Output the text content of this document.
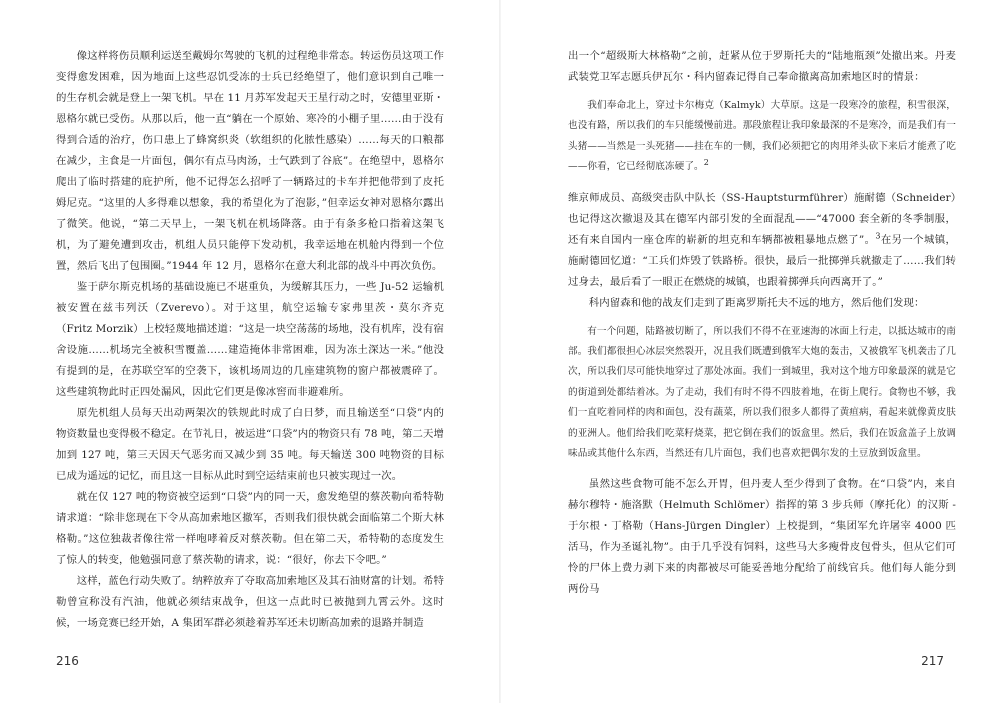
像这样将伤员顺利运送至戴姆尔驾驶的飞机的过程绝非常态。转运伤员这项工作变得愈发困难，因为地面上这些忍饥受冻的士兵已经绝望了，他们意识到自己唯一的生存机会就是登上一架飞机。早在 11 月苏军发起天王星行动之时，安德里亚斯・恩格尔就已受伤。从那以后，他一直“躺在一个原始、寒冷的小棚子里……由于没有得到合适的治疗，伤口患上了蜂窝织炎（软组织的化脓性感染）……每天的口粮都在减少，主食是一片面包，偶尔有点马肉汤，士气跌到了谷底”。在绝望中，恩格尔爬出了临时搭建的庇护所，他不记得怎么招呼了一辆路过的卡车并把他带到了皮托姆尼克。“这里的人多得难以想象，我的希望化为了泡影，”但幸运女神对恩格尔露出了微笑。他说，“第二天早上，一架飞机在机场降落。由于有条多枪口指着这架飞机，为了避免遭到攻击，机组人员只能停下发动机，我幸运地在机舱内得到一个位置，然后飞出了包围圈。”1944 年 12 月，恩格尔在意大利北部的战斗中再次负伤。

鉴于萨尔斯克机场的基础设施已不堪重负，为缓解其压力，一些 Ju-52 运输机被安置在兹韦列沃（Zverevo）。对于这里，航空运输专家弗里茨・莫尔齐克（Fritz Morzik）上校轻蔑地描述道：“这是一块空荡荡的场地，没有机库，没有宿舍设施……机场完全被积雪覆盖……建造掩体非常困难，因为冻土深达一米。”他没有提到的是，在苏联空军的空袭下，该机场周边的几座建筑物的窗户都被震碎了。这些建筑物此时正四处漏风，因此它们更是像冰窖而非避难所。

原先机组人员每天出动两架次的铁规此时成了白日梦，而且输送至“口袋”内的物资数量也变得极不稳定。在节礼日，被运进“口袋”内的物资只有 78 吨，第二天增加到 127 吨，第三天因天气恶劣而又减少到 35 吨。每天输送 300 吨物资的目标已成为遥远的记忆，而且这一目标从此时到空运结束前也只被实现过一次。

就在仅 127 吨的物资被空运到“口袋”内的同一天，愈发绝望的蔡茨勒向希特勒请求道：“除非您现在下令从高加索地区撤军，否则我们很快就会面临第二个斯大林格勒。”这位独裁者像往常一样咆哮着反对蔡茨勒。但在第二天，希特勒的态度发生了惊人的转变，他勉强同意了蔡茨勒的请求，说：“很好，你去下令吧。”

这样，蓝色行动失败了。纳粹放弃了夺取高加索地区及其石油财富的计划。希特勒曾宣称没有汽油，他就必须结束战争，但这一点此时已被抛到九霄云外。这时候，一场竞赛已经开始，A 集团军群必须趁着苏军还未切断高加索的退路并制造

216

出一个“超级斯大林格勒”之前，赶紧从位于罗斯托夫的“陆地瓶颈”处撤出来。丹麦武装党卫军志愿兵伊瓦尔・科内留森记得自己奉命撤离高加索地区时的情景：

我们奉命北上，穿过卡尔梅克（Kalmyk）大草原。这是一段寒冷的旅程，积雪很深，也没有路，所以我们的车只能缓慢前进。那段旅程让我印象最深的不是寒冷，而是我们有一头猪——当然是一头死猪——挂在车的一侧，我们必须把它的肉用斧头砍下来后才能煮了吃——你看，它已经彻底冻硬了。$^2$

维京师成员、高级突击队中队长（SS-Hauptsturmführer）施耐德（Schneider）也记得这次撤退及其在德军内部引发的全面混乱——“47000 套全新的冬季制服，还有来自国内一座仓库的崭新的坦克和车辆都被粗暴地点燃了”。$^3$在另一个城镇，施耐德回忆道：“工兵们炸毁了铁路桥。很快，最后一批掷弹兵就撤走了……我们转过身去，最后看了一眼正在燃烧的城镇，也跟着掷弹兵向西离开了。”

科内留森和他的战友们走到了距离罗斯托夫不远的地方，然后他们发现：

有一个问题，陆路被切断了，所以我们不得不在亚速海的冰面上行走，以抵达城市的南部。我们都很担心冰层突然裂开，况且我们既遭到俄军大炮的轰击，又被俄军飞机袭击了几次，所以我们尽可能快地穿过了那处冰面。我们一到城里，我对这个地方印象最深的就是它的街道到处都结着冰。为了走动，我们有时不得不四肢着地，在街上爬行。食物也不够，我们一直吃着同样的肉和面包，没有蔬菜，所以我们很多人都得了黄疸病，看起来就像黄皮肤的亚洲人。他们给我们吃菜籽烧菜，把它倒在我们的饭盒里。然后，我们在饭盒盖子上放调味品或其他什么东西，当然还有几片面包，我们也喜欢把偶尔发的土豆放到饭盒里。

虽然这些食物可能不怎么开胃，但丹麦人至少得到了食物。在“口袋”内，来自赫尔穆特・施洛默（Helmuth Schlömer）指挥的第 3 步兵师（摩托化）的汉斯 - 于尔根・丁格勒（Hans-Jürgen Dingler）上校提到，“集团军允许屠宰 4000 匹活马，作为圣诞礼物”。由于几乎没有饲料，这些马大多瘦骨皮包骨头，但从它们可怜的尸体上费力剥下来的肉都被尽可能妥善地分配给了前线官兵。他们每人能分到两份马

217
